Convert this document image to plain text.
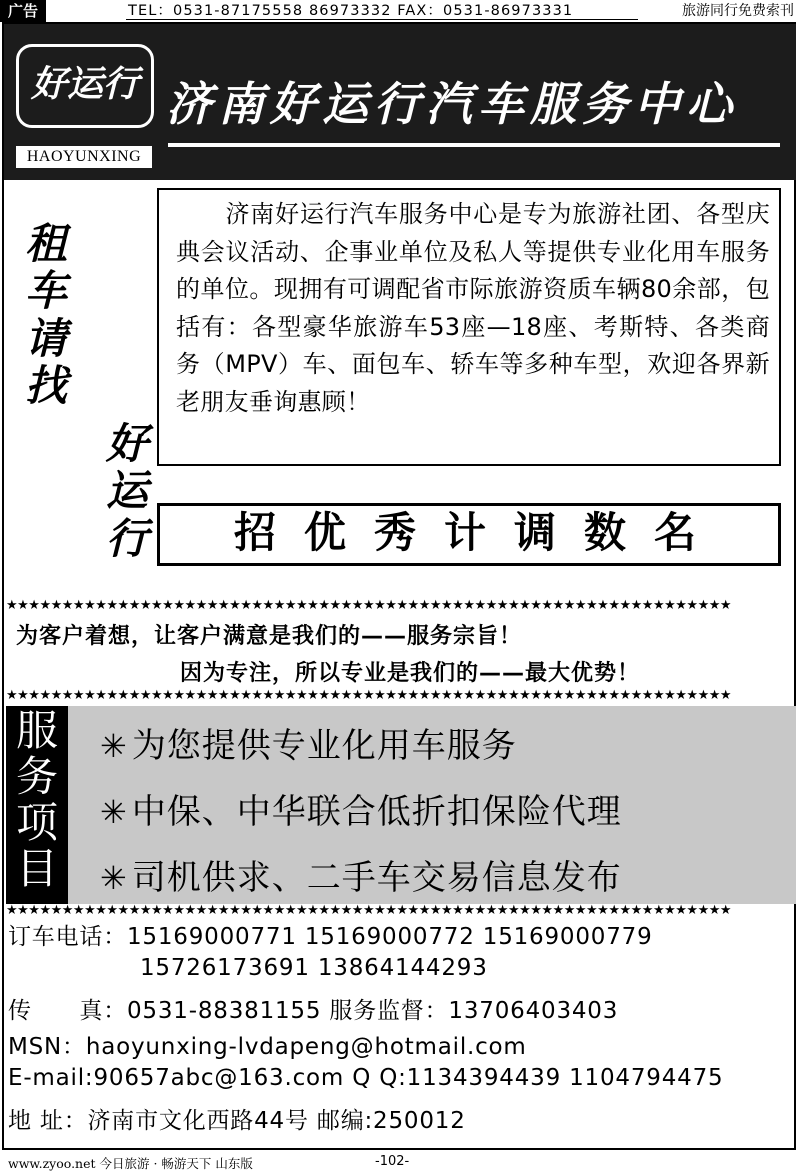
广告	TEL：0531-87175558 86973332 FAX：0531-86973331	旅游同行免费索刊
好运行
HAOYUNXING
济南好运行汽车服务中心
租车请找
好运行
　　济南好运行汽车服务中心是专为旅游社团、各型庆典会议活动、企事业单位及私人等提供专业化用车服务的单位。现拥有可调配省市际旅游资质车辆80余部，包括有：各型豪华旅游车53座—18座、考斯特、各类商务（MPV）车、面包车、轿车等多种车型，欢迎各界新老朋友垂询惠顾！
招优秀计调数名
★★★★★★★★★★★★★★★★★★★★★★★★★★★★★★★★★★★★★★★★★★★★★★★★★★★★★★★★★★★★★★★★★
为客户着想，让客户满意是我们的——服务宗旨！
因为专注，所以专业是我们的——最大优势！
★★★★★★★★★★★★★★★★★★★★★★★★★★★★★★★★★★★★★★★★★★★★★★★★★★★★★★★★★★★★★★★★★
服务项目
✳ 为您提供专业化用车服务
✳ 中保、中华联合低折扣保险代理
✳ 司机供求、二手车交易信息发布
★★★★★★★★★★★★★★★★★★★★★★★★★★★★★★★★★★★★★★★★★★★★★★★★★★★★★★★★★★★★★★★★★
订车电话：15169000771 15169000772 15169000779
15726173691 13864144293
传　　真：0531-88381155 服务监督：13706403403
MSN：haoyunxing-lvdapeng@hotmail.com
E-mail:90657abc@163.com Q Q:1134394439 1104794475
地 址：济南市文化西路44号 邮编:250012
www.zyoo.net 今日旅游 · 畅游天下 山东版	-102-
